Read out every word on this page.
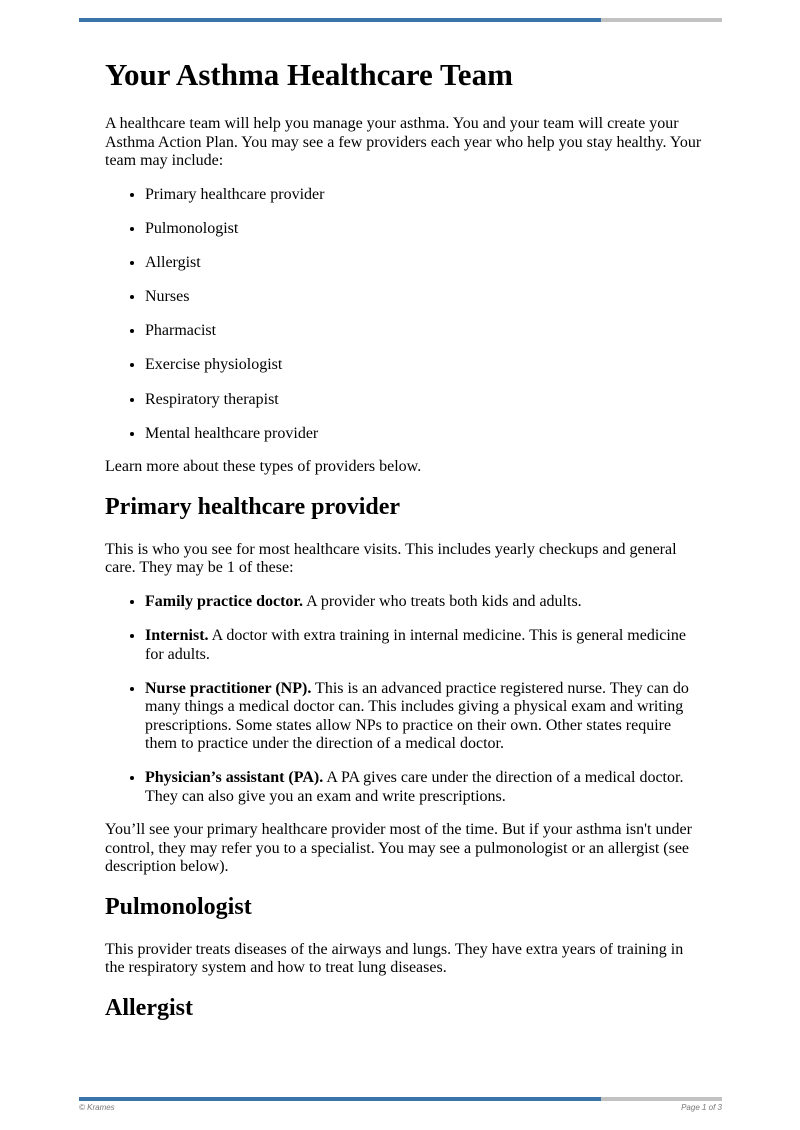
Your Asthma Healthcare Team

A healthcare team will help you manage your asthma. You and your team will create your Asthma Action Plan. You may see a few providers each year who help you stay healthy. Your team may include:

• Primary healthcare provider
• Pulmonologist
• Allergist
• Nurses
• Pharmacist
• Exercise physiologist
• Respiratory therapist
• Mental healthcare provider

Learn more about these types of providers below.

Primary healthcare provider

This is who you see for most healthcare visits. This includes yearly checkups and general care. They may be 1 of these:

• Family practice doctor. A provider who treats both kids and adults.
• Internist. A doctor with extra training in internal medicine. This is general medicine for adults.
• Nurse practitioner (NP). This is an advanced practice registered nurse. They can do many things a medical doctor can. This includes giving a physical exam and writing prescriptions. Some states allow NPs to practice on their own. Other states require them to practice under the direction of a medical doctor.
• Physician’s assistant (PA). A PA gives care under the direction of a medical doctor. They can also give you an exam and write prescriptions.

You’ll see your primary healthcare provider most of the time. But if your asthma isn't under control, they may refer you to a specialist. You may see a pulmonologist or an allergist (see description below).

Pulmonologist

This provider treats diseases of the airways and lungs. They have extra years of training in the respiratory system and how to treat lung diseases.

Allergist
© Krames	Page 1 of 3
